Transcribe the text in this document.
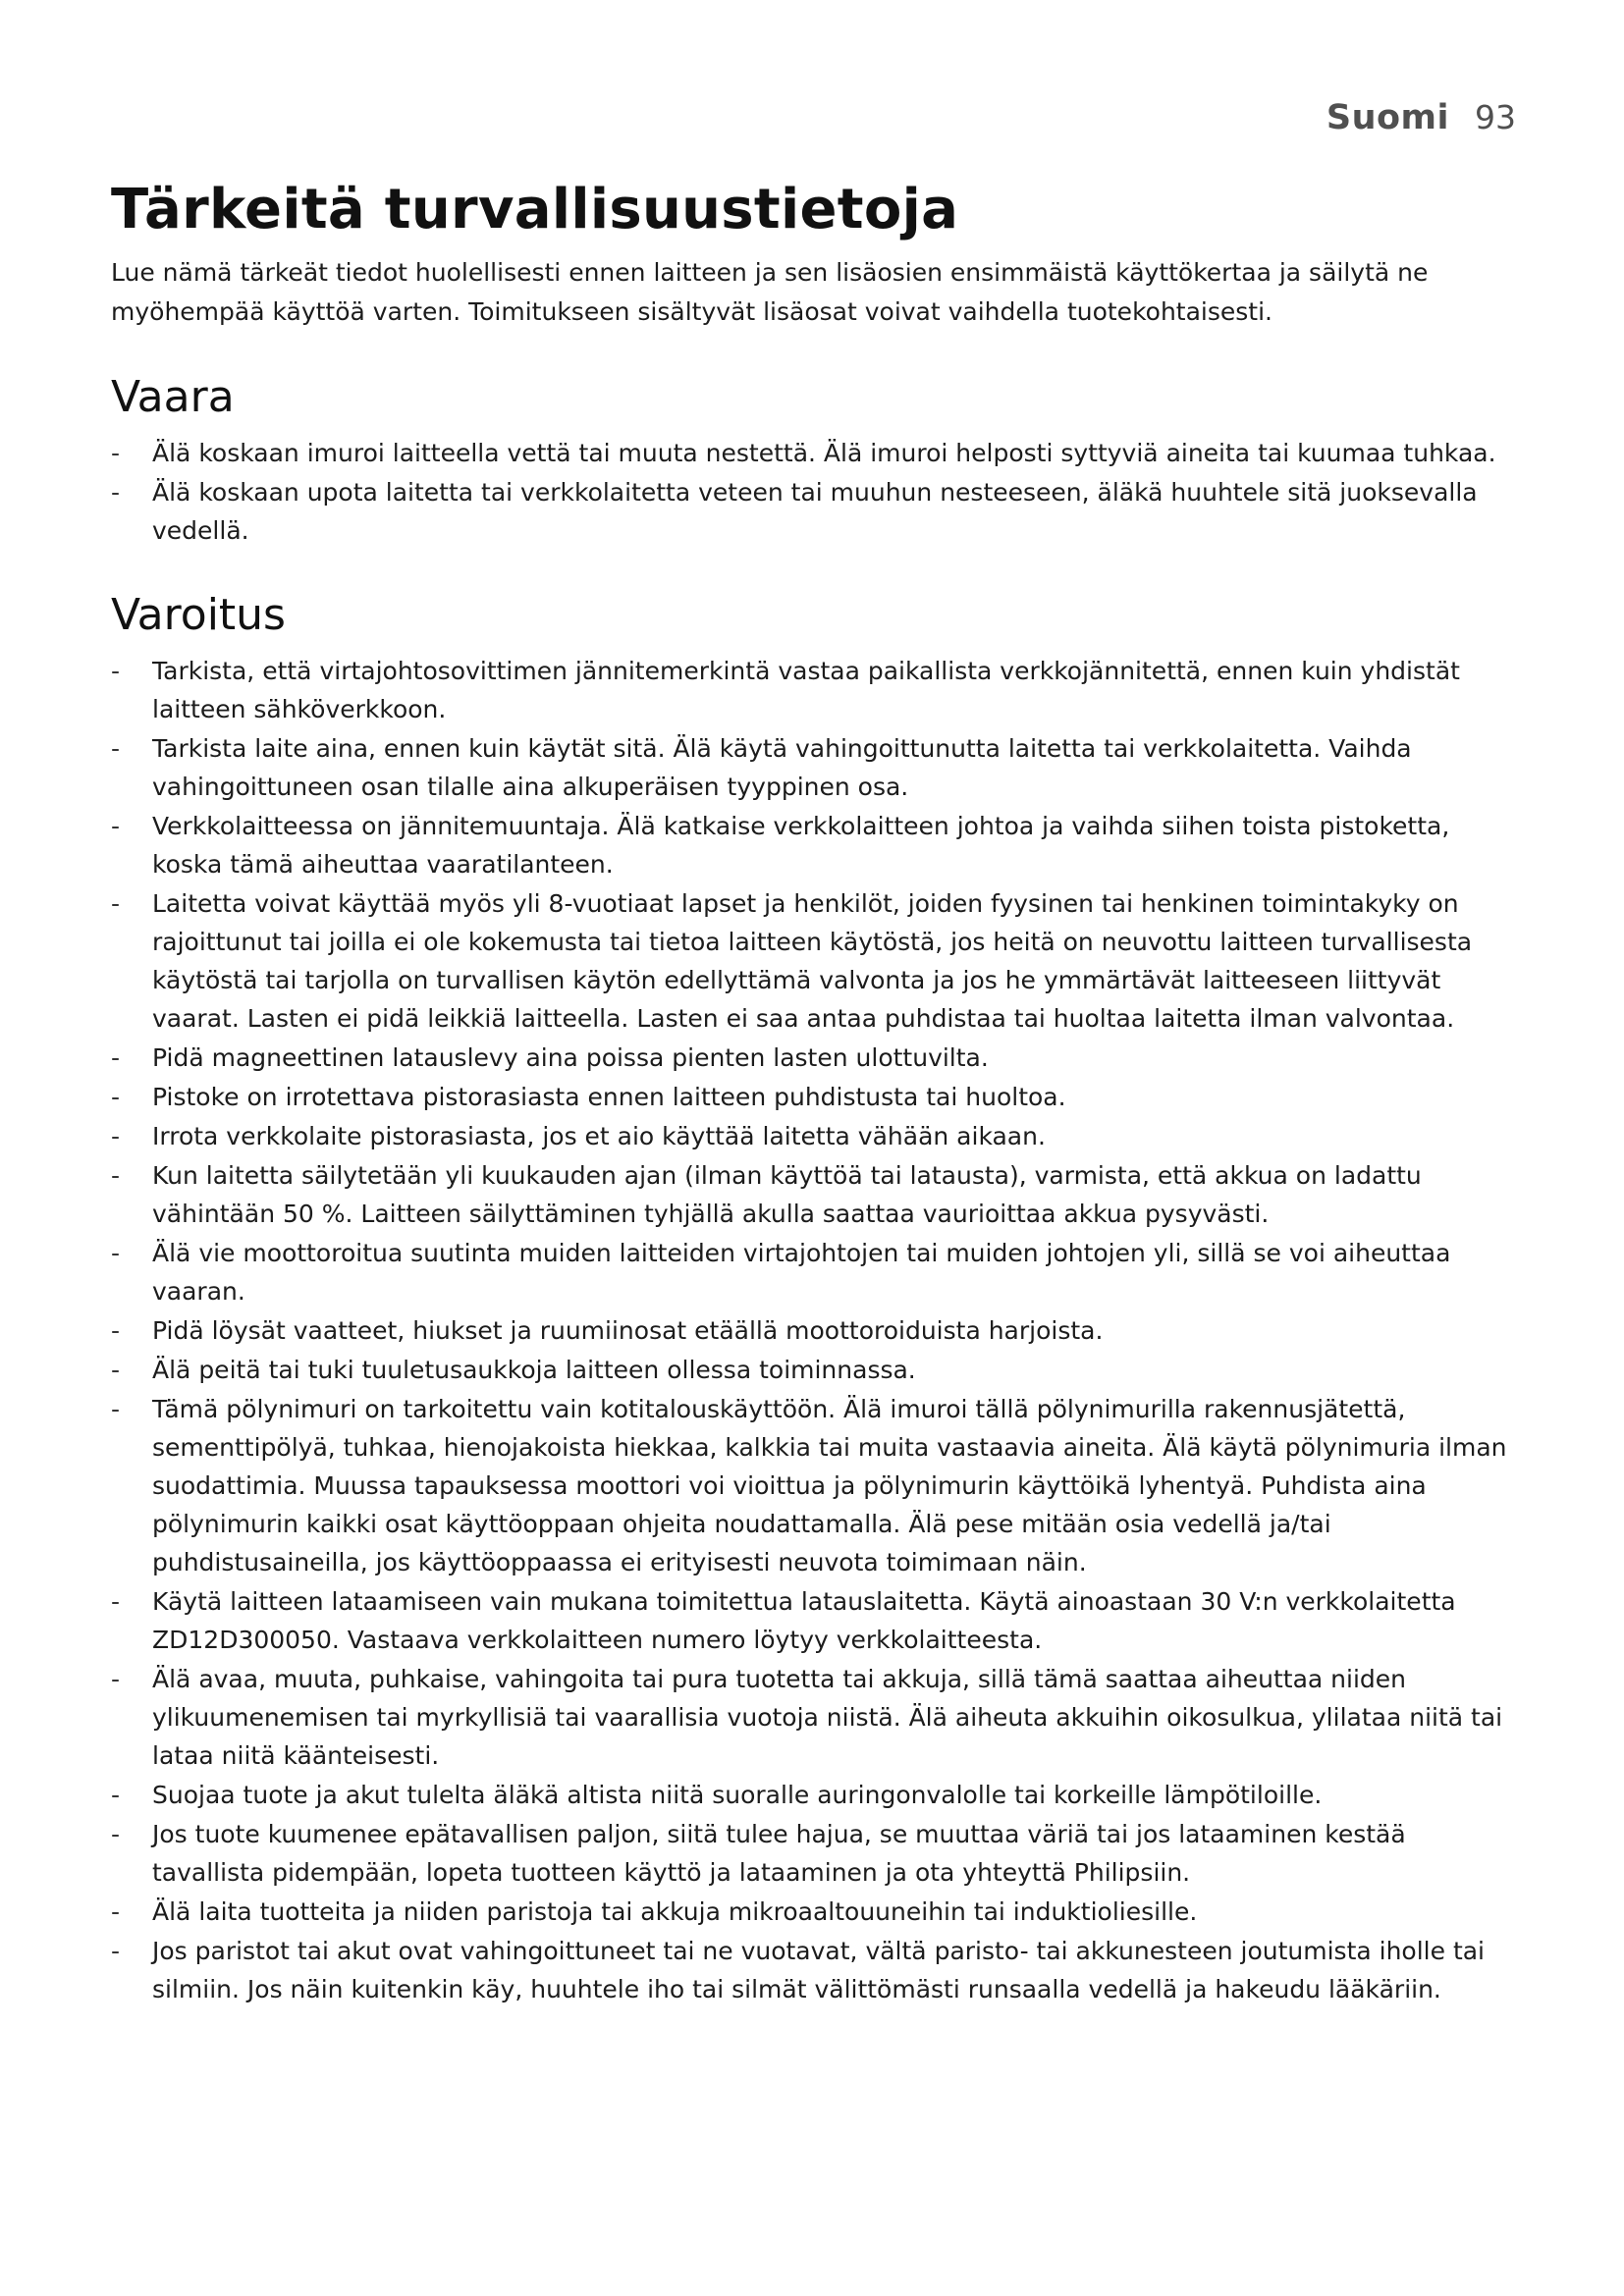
Suomi 93
Tärkeitä turvallisuustietoja

Lue nämä tärkeät tiedot huolellisesti ennen laitteen ja sen lisäosien ensimmäistä käyttökertaa ja säilytä ne myöhempää käyttöä varten. Toimitukseen sisältyvät lisäosat voivat vaihdella tuotekohtaisesti.

Vaara
-	Älä koskaan imuroi laitteella vettä tai muuta nestettä. Älä imuroi helposti syttyviä aineita tai kuumaa tuhkaa.
-	Älä koskaan upota laitetta tai verkkolaitetta veteen tai muuhun nesteeseen, äläkä huuhtele sitä juoksevalla vedellä.
Varoitus
-	Tarkista, että virtajohtosovittimen jännitemerkintä vastaa paikallista verkkojännitettä, ennen kuin yhdistät laitteen sähköverkkoon.
-	Tarkista laite aina, ennen kuin käytät sitä. Älä käytä vahingoittunutta laitetta tai verkkolaitetta. Vaihda vahingoittuneen osan tilalle aina alkuperäisen tyyppinen osa.
-	Verkkolaitteessa on jännitemuuntaja. Älä katkaise verkkolaitteen johtoa ja vaihda siihen toista pistoketta, koska tämä aiheuttaa vaaratilanteen.
-	Laitetta voivat käyttää myös yli 8-vuotiaat lapset ja henkilöt, joiden fyysinen tai henkinen toimintakyky on rajoittunut tai joilla ei ole kokemusta tai tietoa laitteen käytöstä, jos heitä on neuvottu laitteen turvallisesta käytöstä tai tarjolla on turvallisen käytön edellyttämä valvonta ja jos he ymmärtävät laitteeseen liittyvät vaarat. Lasten ei pidä leikkiä laitteella. Lasten ei saa antaa puhdistaa tai huoltaa laitetta ilman valvontaa.
-	Pidä magneettinen latauslevy aina poissa pienten lasten ulottuvilta.
-	Pistoke on irrotettava pistorasiasta ennen laitteen puhdistusta tai huoltoa.
-	Irrota verkkolaite pistorasiasta, jos et aio käyttää laitetta vähään aikaan.
-	Kun laitetta säilytetään yli kuukauden ajan (ilman käyttöä tai latausta), varmista, että akkua on ladattu vähintään 50 %. Laitteen säilyttäminen tyhjällä akulla saattaa vaurioittaa akkua pysyvästi.
-	Älä vie moottoroitua suutinta muiden laitteiden virtajohtojen tai muiden johtojen yli, sillä se voi aiheuttaa vaaran.
-	Pidä löysät vaatteet, hiukset ja ruumiinosat etäällä moottoroiduista harjoista.
-	Älä peitä tai tuki tuuletusaukkoja laitteen ollessa toiminnassa.
-	Tämä pölynimuri on tarkoitettu vain kotitalouskäyttöön. Älä imuroi tällä pölynimurilla rakennusjätettä, sementtipölyä, tuhkaa, hienojakoista hiekkaa, kalkkia tai muita vastaavia aineita. Älä käytä pölynimuria ilman suodattimia. Muussa tapauksessa moottori voi vioittua ja pölynimurin käyttöikä lyhentyä. Puhdista aina pölynimurin kaikki osat käyttöoppaan ohjeita noudattamalla. Älä pese mitään osia vedellä ja/tai puhdistusaineilla, jos käyttöoppaassa ei erityisesti neuvota toimimaan näin.
-	Käytä laitteen lataamiseen vain mukana toimitettua latauslaitetta. Käytä ainoastaan 30 V:n verkkolaitetta ZD12D300050. Vastaava verkkolaitteen numero löytyy verkkolaitteesta.
-	Älä avaa, muuta, puhkaise, vahingoita tai pura tuotetta tai akkuja, sillä tämä saattaa aiheuttaa niiden ylikuumenemisen tai myrkyllisiä tai vaarallisia vuotoja niistä. Älä aiheuta akkuihin oikosulkua, ylilataa niitä tai lataa niitä käänteisesti.
-	Suojaa tuote ja akut tulelta äläkä altista niitä suoralle auringonvalolle tai korkeille lämpötiloille.
-	Jos tuote kuumenee epätavallisen paljon, siitä tulee hajua, se muuttaa väriä tai jos lataaminen kestää tavallista pidempään, lopeta tuotteen käyttö ja lataaminen ja ota yhteyttä Philipsiin.
-	Älä laita tuotteita ja niiden paristoja tai akkuja mikroaaltouuneihin tai induktioliesille.
-	Jos paristot tai akut ovat vahingoittuneet tai ne vuotavat, vältä paristo- tai akkunesteen joutumista iholle tai silmiin. Jos näin kuitenkin käy, huuhtele iho tai silmät välittömästi runsaalla vedellä ja hakeudu lääkäriin.
